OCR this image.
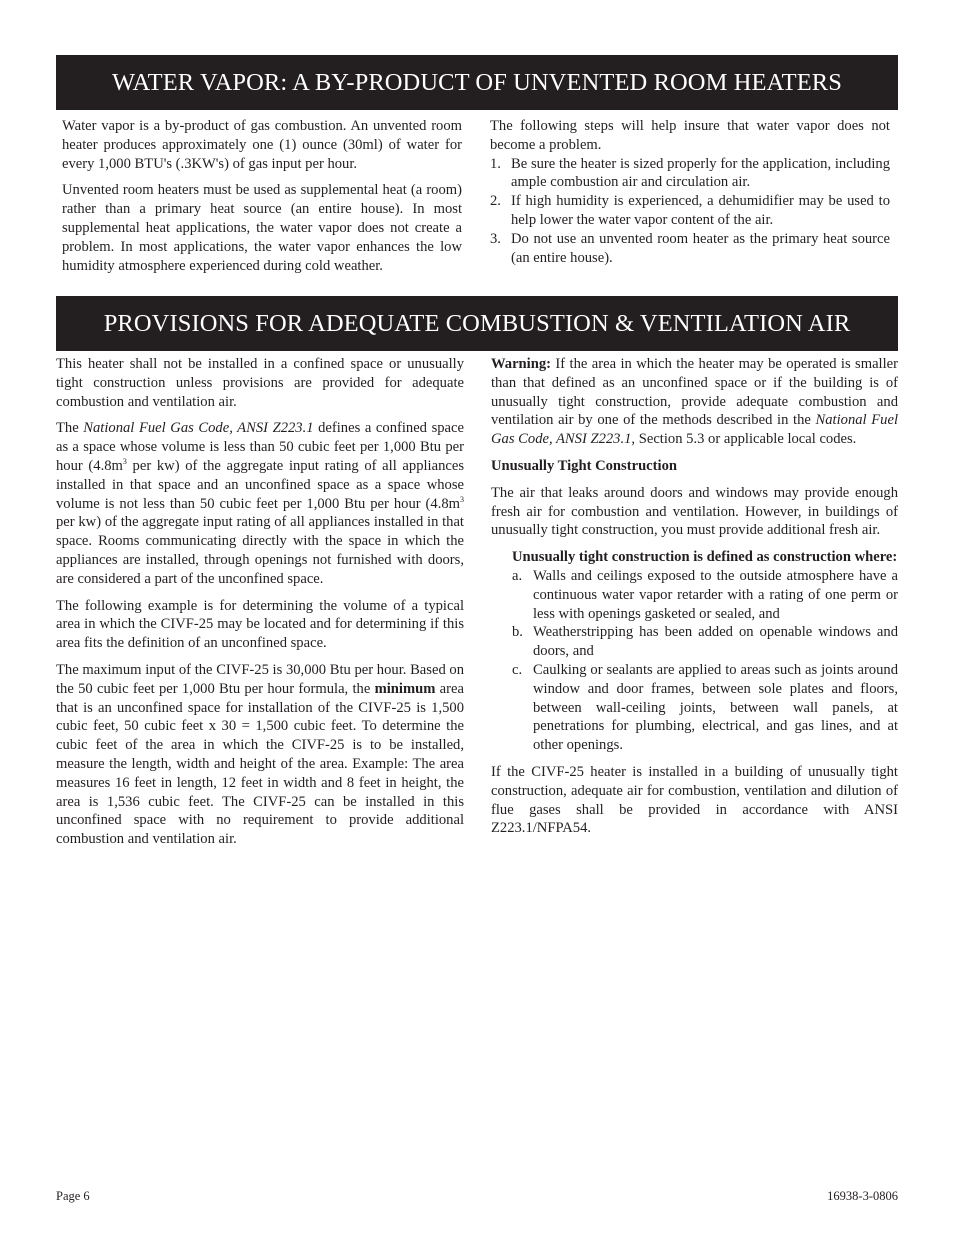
WATER VAPOR: A BY-PRODUCT OF UNVENTED ROOM HEATERS

Water vapor is a by-product of gas combustion. An unvented room heater produces approximately one (1) ounce (30ml) of water for every 1,000 BTU's (.3KW's) of gas input per hour.

Unvented room heaters must be used as supplemental heat (a room) rather than a primary heat source (an entire house). In most supplemental heat applications, the water vapor does not create a problem. In most applications, the water vapor enhances the low humidity atmosphere experienced during cold weather.

The following steps will help insure that water vapor does not become a problem.

1. Be sure the heater is sized properly for the application, including ample combustion air and circulation air.
2. If high humidity is experienced, a dehumidifier may be used to help lower the water vapor content of the air.
3. Do not use an unvented room heater as the primary heat source (an entire house).
PROVISIONS FOR ADEQUATE COMBUSTION & VENTILATION AIR

This heater shall not be installed in a confined space or unusually tight construction unless provisions are provided for adequate combustion and ventilation air.

The National Fuel Gas Code, ANSI Z223.1 defines a confined space as a space whose volume is less than 50 cubic feet per 1,000 Btu per hour ($4.8m^3$ per kw) of the aggregate input rating of all appliances installed in that space and an unconfined space as a space whose volume is not less than 50 cubic feet per 1,000 Btu per hour ($4.8m^3$ per kw) of the aggregate input rating of all appliances installed in that space. Rooms communicating directly with the space in which the appliances are installed, through openings not furnished with doors, are considered a part of the unconfined space.

The following example is for determining the volume of a typical area in which the CIVF-25 may be located and for determining if this area fits the definition of an unconfined space.

The maximum input of the CIVF-25 is 30,000 Btu per hour. Based on the 50 cubic feet per 1,000 Btu per hour formula, the minimum area that is an unconfined space for installation of the CIVF-25 is 1,500 cubic feet, 50 cubic feet x 30 = 1,500 cubic feet. To determine the cubic feet of the area in which the CIVF-25 is to be installed, measure the length, width and height of the area. Example: The area measures 16 feet in length, 12 feet in width and 8 feet in height, the area is 1,536 cubic feet. The CIVF-25 can be installed in this unconfined space with no requirement to provide additional combustion and ventilation air.

Warning: If the area in which the heater may be operated is smaller than that defined as an unconfined space or if the building is of unusually tight construction, provide adequate combustion and ventilation air by one of the methods described in the National Fuel Gas Code, ANSI Z223.1, Section 5.3 or applicable local codes.

Unusually Tight Construction

The air that leaks around doors and windows may provide enough fresh air for combustion and ventilation. However, in buildings of unusually tight construction, you must provide additional fresh air.

Unusually tight construction is defined as construction where:

a. Walls and ceilings exposed to the outside atmosphere have a continuous water vapor retarder with a rating of one perm or less with openings gasketed or sealed, and
b. Weatherstripping has been added on openable windows and doors, and
c. Caulking or sealants are applied to areas such as joints around window and door frames, between sole plates and floors, between wall-ceiling joints, between wall panels, at penetrations for plumbing, electrical, and gas lines, and at other openings.

If the CIVF-25 heater is installed in a building of unusually tight construction, adequate air for combustion, ventilation and dilution of flue gases shall be provided in accordance with ANSI Z223.1/NFPA54.

Page 6	16938-3-0806
